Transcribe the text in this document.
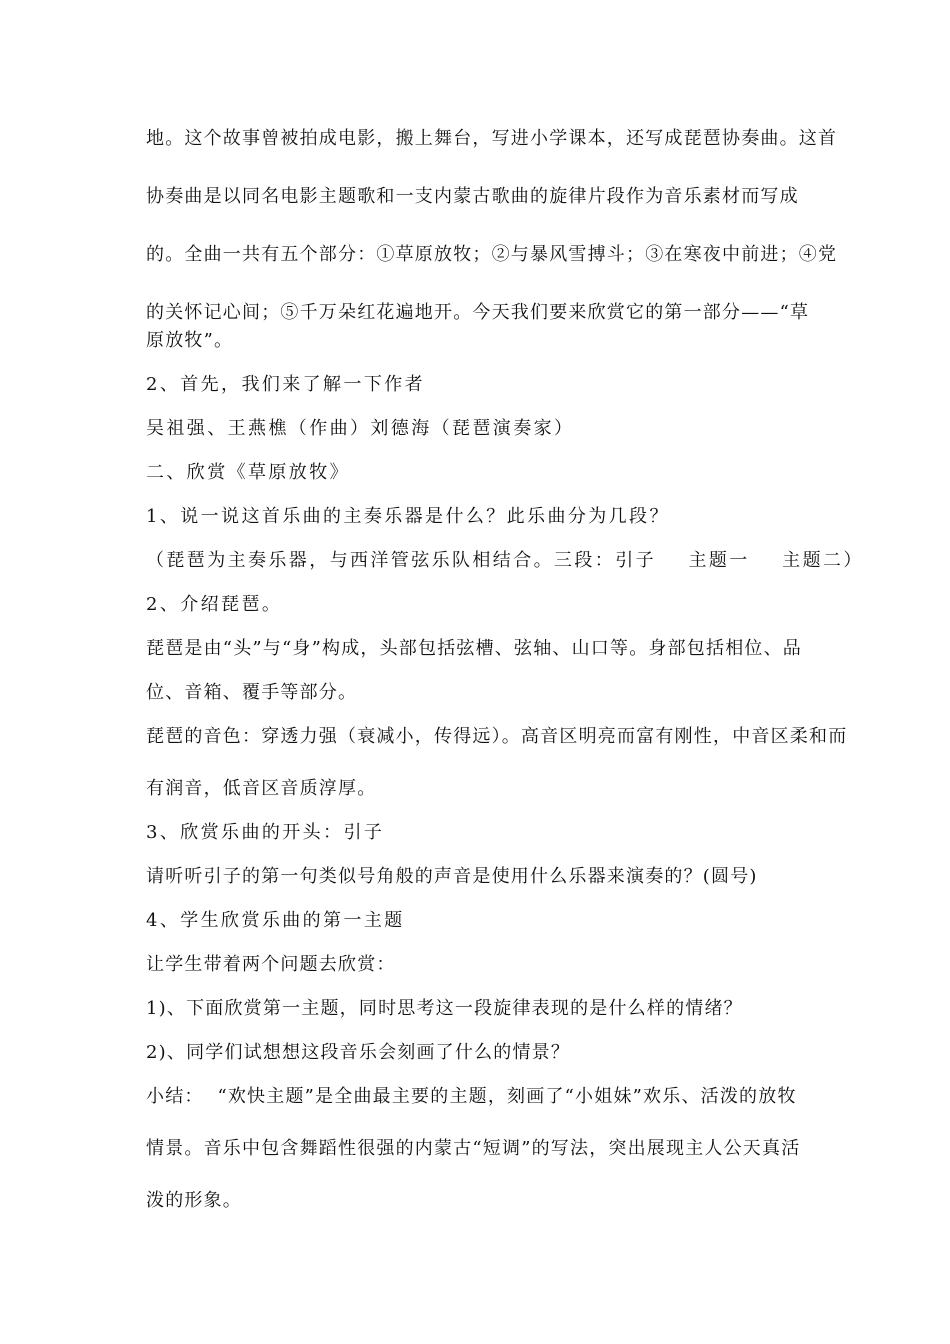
地。这个故事曾被拍成电影，搬上舞台，写进小学课本，还写成琵琶协奏曲。这首
协奏曲是以同名电影主题歌和一支内蒙古歌曲的旋律片段作为音乐素材而写成
的。全曲一共有五个部分：①草原放牧；②与暴风雪搏斗；③在寒夜中前进；④党
的关怀记心间；⑤千万朵红花遍地开。今天我们要来欣赏它的第一部分——“草
原放牧”。
2、首先，我们来了解一下作者
吴祖强、王燕樵（作曲）刘德海（琵琶演奏家）
二、欣赏《草原放牧》
1、说一说这首乐曲的主奏乐器是什么？此乐曲分为几段？
（琵琶为主奏乐器，与西洋管弦乐队相结合。三段：引子    主题一    主题二）
2、介绍琵琶。
琵琶是由“头”与“身”构成，头部包括弦槽、弦轴、山口等。身部包括相位、品
位、音箱、覆手等部分。
琵琶的音色：穿透力强（衰减小，传得远）。高音区明亮而富有刚性，中音区柔和而
有润音，低音区音质淳厚。
3、欣赏乐曲的开头：引子
请听听引子的第一句类似号角般的声音是使用什么乐器来演奏的？(圆号)
4、学生欣赏乐曲的第一主题
让学生带着两个问题去欣赏：
1)、下面欣赏第一主题，同时思考这一段旋律表现的是什么样的情绪？
2)、同学们试想想这段音乐会刻画了什么的情景？
小结：  “欢快主题”是全曲最主要的主题，刻画了“小姐妹”欢乐、活泼的放牧
情景。音乐中包含舞蹈性很强的内蒙古“短调”的写法，突出展现主人公天真活
泼的形象。
